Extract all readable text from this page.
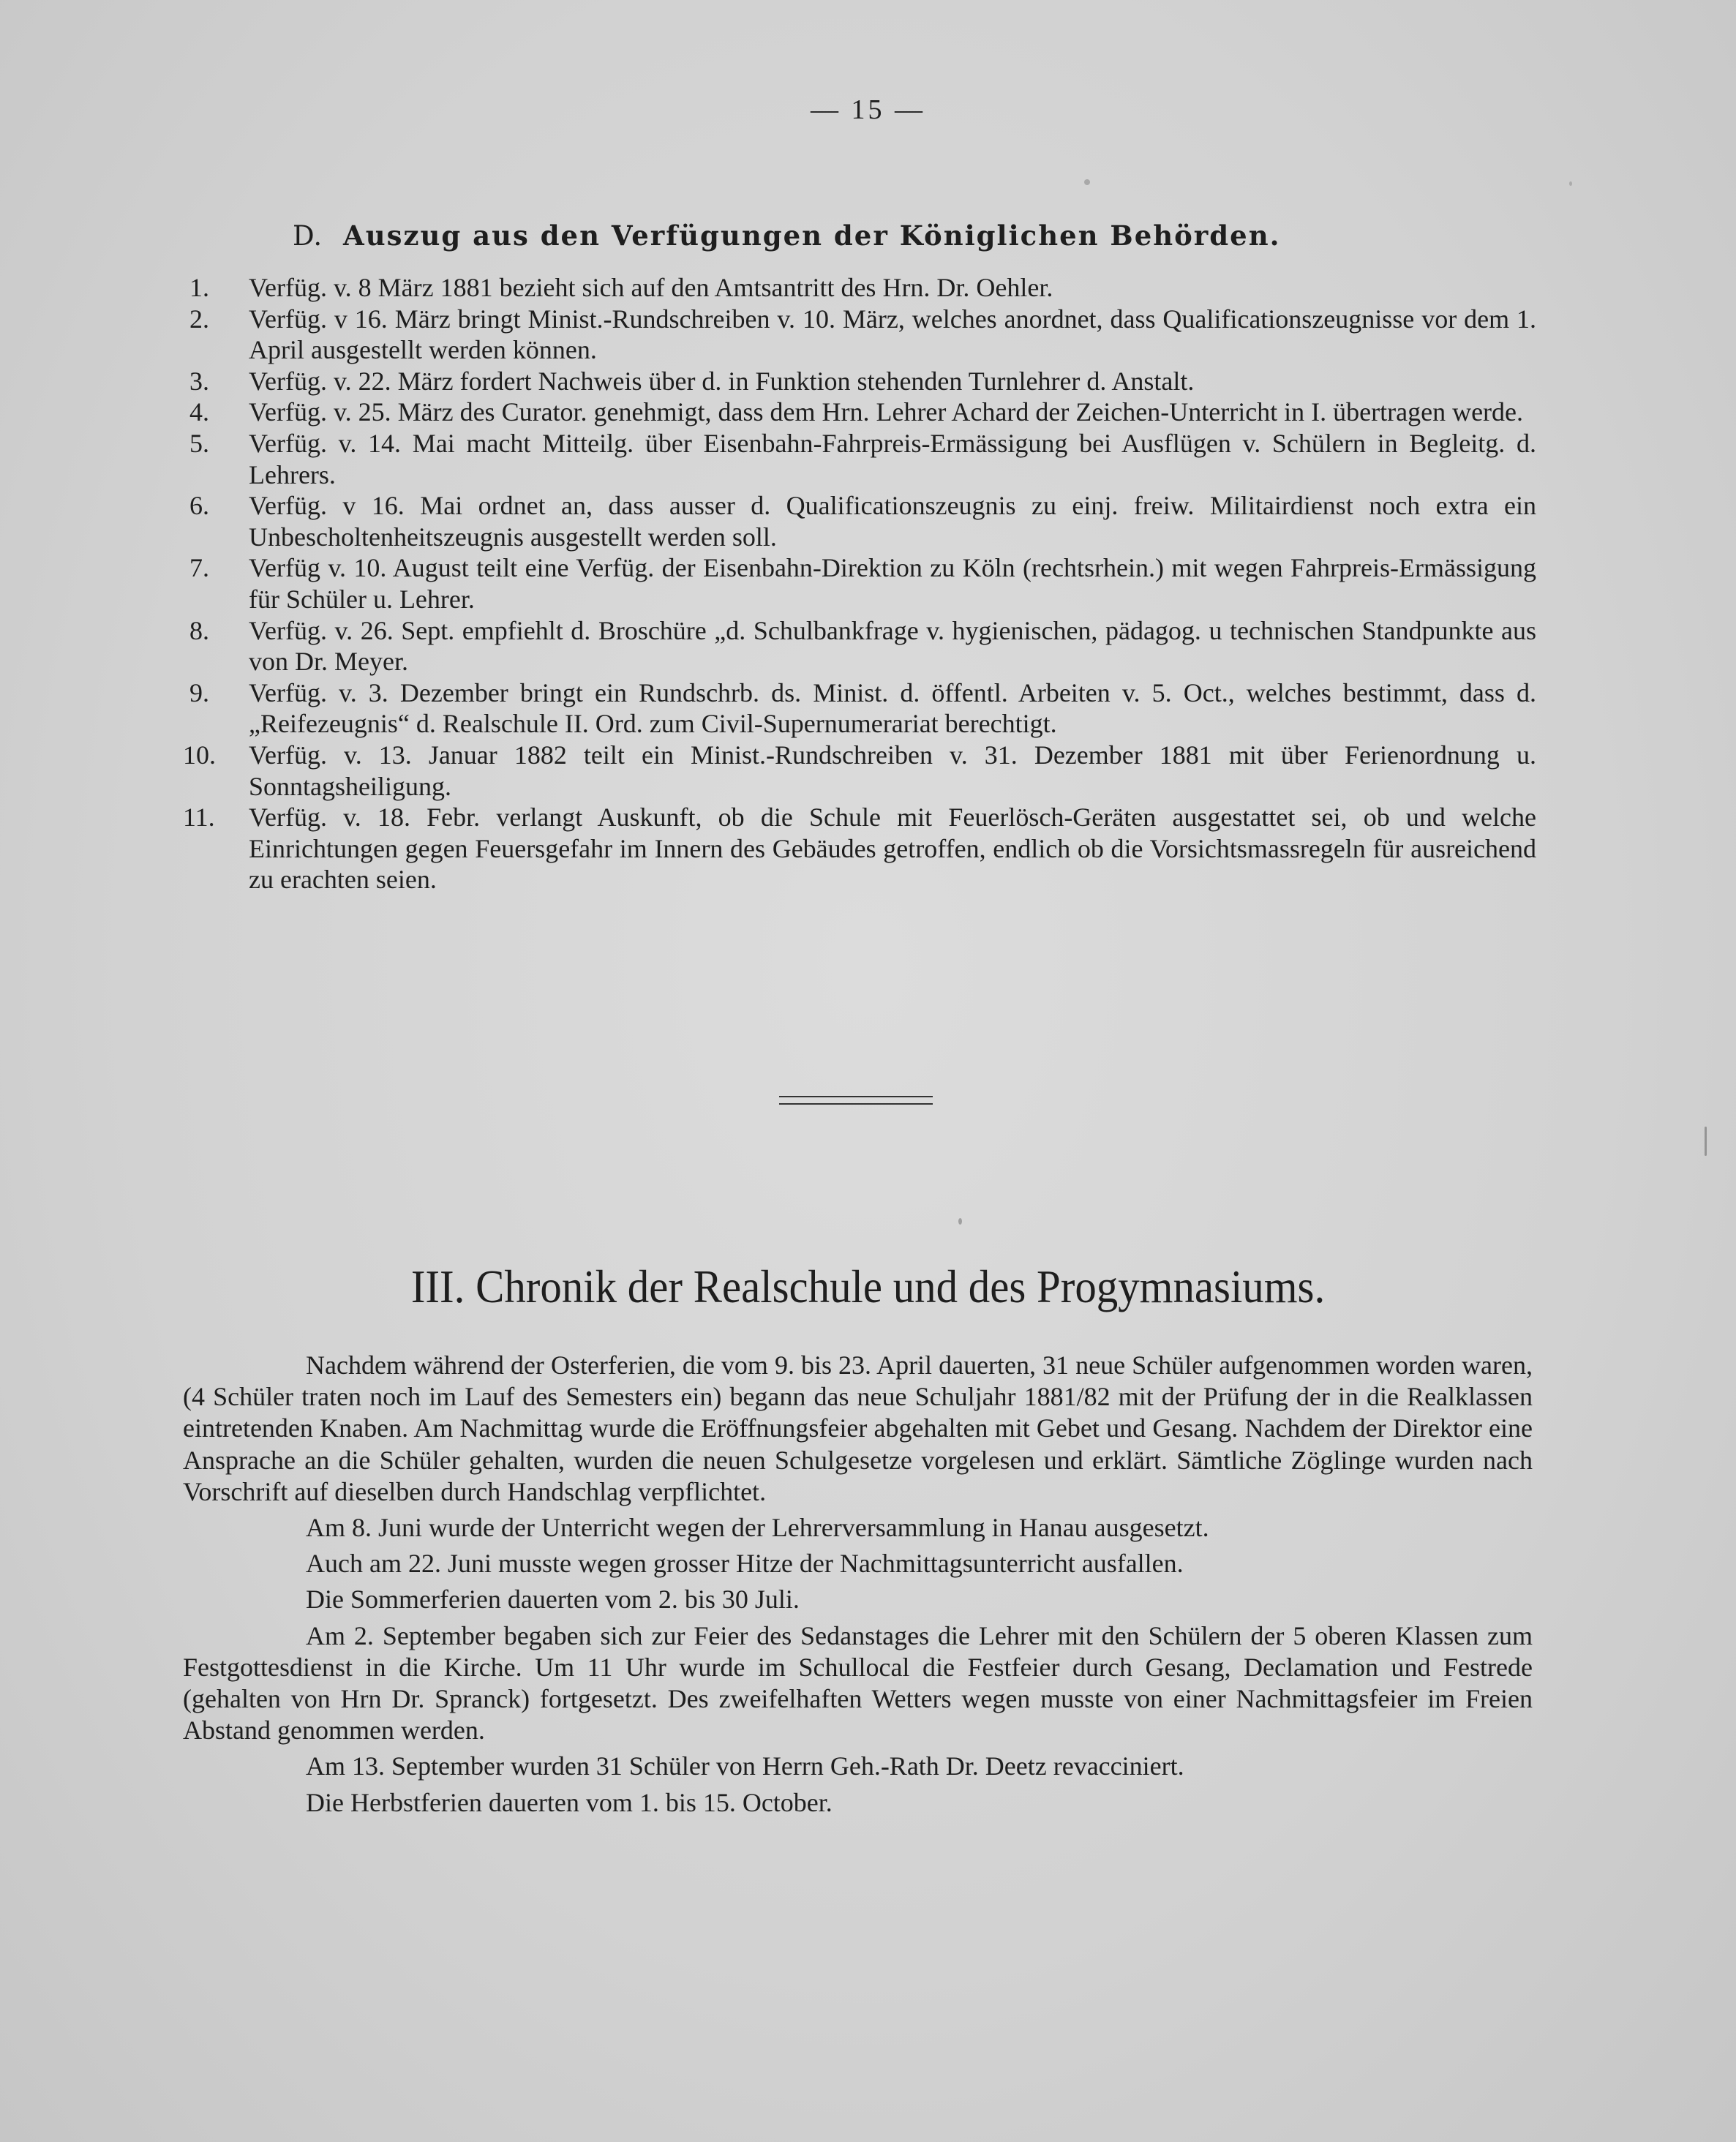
— 15 —
D. Auszug aus den Verfügungen der Königlichen Behörden.
1. Verfüg. v. 8 März 1881 bezieht sich auf den Amtsantritt des Hrn. Dr. Oehler.
2. Verfüg. v 16. März bringt Minist.-Rundschreiben v. 10. März, welches anordnet, dass Qualificationszeugnisse vor dem 1. April ausgestellt werden können.
3. Verfüg. v. 22. März fordert Nachweis über d. in Funktion stehenden Turnlehrer d. Anstalt.
4. Verfüg. v. 25. März des Curator. genehmigt, dass dem Hrn. Lehrer Achard der Zeichen-Unterricht in I. übertragen werde.
5. Verfüg. v. 14. Mai macht Mitteilg. über Eisenbahn-Fahrpreis-Ermässigung bei Ausflügen v. Schülern in Begleitg. d. Lehrers.
6. Verfüg. v 16. Mai ordnet an, dass ausser d. Qualificationszeugnis zu einj. freiw. Militairdienst noch extra ein Unbescholtenheitszeugnis ausgestellt werden soll.
7. Verfüg v. 10. August teilt eine Verfüg. der Eisenbahn-Direktion zu Köln (rechtsrhein.) mit wegen Fahrpreis-Ermässigung für Schüler u. Lehrer.
8. Verfüg. v. 26. Sept. empfiehlt d. Broschüre „d. Schulbankfrage v. hygienischen, pädagog. u technischen Standpunkte aus von Dr. Meyer.
9. Verfüg. v. 3. Dezember bringt ein Rundschrb. ds. Minist. d. öffentl. Arbeiten v. 5. Oct., welches bestimmt, dass d. „Reifezeugnis“ d. Realschule II. Ord. zum Civil-Supernumerariat berechtigt.
10. Verfüg. v. 13. Januar 1882 teilt ein Minist.-Rundschreiben v. 31. Dezember 1881 mit über Ferienordnung u. Sonntagsheiligung.
11. Verfüg. v. 18. Febr. verlangt Auskunft, ob die Schule mit Feuerlösch-Geräten ausgestattet sei, ob und welche Einrichtungen gegen Feuersgefahr im Innern des Gebäudes getroffen, endlich ob die Vorsichtsmassregeln für ausreichend zu erachten seien.
III. Chronik der Realschule und des Progymnasiums.

Nachdem während der Osterferien, die vom 9. bis 23. April dauerten, 31 neue Schüler aufgenommen worden waren, (4 Schüler traten noch im Lauf des Semesters ein) begann das neue Schuljahr 1881/82 mit der Prüfung der in die Realklassen eintretenden Knaben. Am Nachmittag wurde die Eröffnungsfeier abgehalten mit Gebet und Gesang. Nachdem der Direktor eine Ansprache an die Schüler gehalten, wurden die neuen Schulgesetze vorgelesen und erklärt. Sämtliche Zöglinge wurden nach Vorschrift auf dieselben durch Handschlag verpflichtet.

Am 8. Juni wurde der Unterricht wegen der Lehrerversammlung in Hanau ausgesetzt.

Auch am 22. Juni musste wegen grosser Hitze der Nachmittagsunterricht ausfallen.

Die Sommerferien dauerten vom 2. bis 30 Juli.

Am 2. September begaben sich zur Feier des Sedanstages die Lehrer mit den Schülern der 5 oberen Klassen zum Festgottesdienst in die Kirche. Um 11 Uhr wurde im Schullocal die Festfeier durch Gesang, Declamation und Festrede (gehalten von Hrn Dr. Spranck) fortgesetzt. Des zweifelhaften Wetters wegen musste von einer Nachmittagsfeier im Freien Abstand genommen werden.

Am 13. September wurden 31 Schüler von Herrn Geh.-Rath Dr. Deetz revacciniert.

Die Herbstferien dauerten vom 1. bis 15. October.
